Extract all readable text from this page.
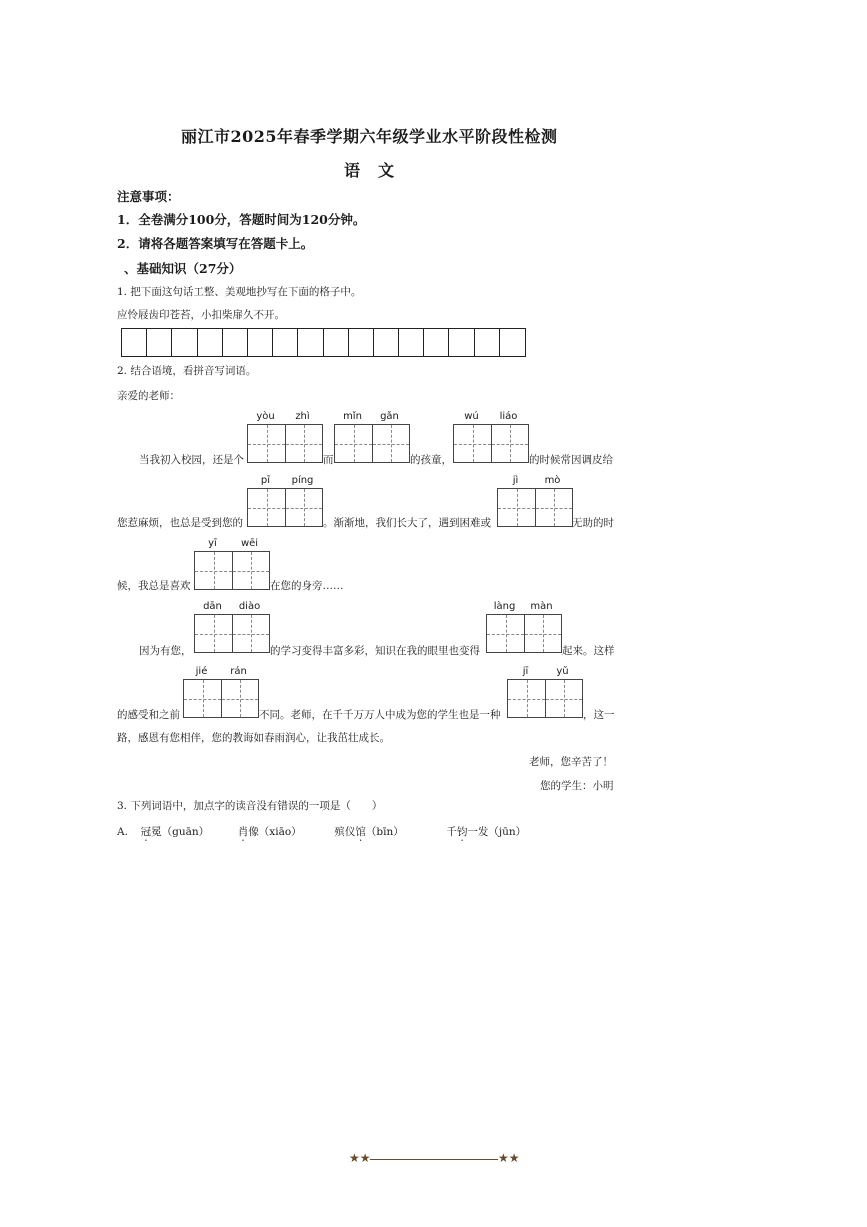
丽江市2025年春季学期六年级学业水平阶段性检测
语文
注意事项：
1．全卷满分100分，答题时间为120分钟。
2．请将各题答案填写在答题卡上。
、基础知识（27分）
1. 把下面这句话工整、美观地抄写在下面的格子中。
应怜屐齿印苍苔，小扣柴扉久不开。
2. 结合语境，看拼音写词语。
亲爱的老师：
yòu	zhì	mǐn	gǎn	wú	liáo
当我初入校园，还是个	而	的孩童，	的时候常因调皮给
pī	píng	jì	mò
您惹麻烦，也总是受到您的	。渐渐地，我们长大了，遇到困难或	无助的时
yī	wēi
候，我总是喜欢	在您的身旁……
dān	diào	làng	màn
因为有您，	的学习变得丰富多彩，知识在我的眼里也变得	起来。这样
jié	rán	jī	yǔ
的感受和之前	不同。老师，在千千万万人中成为您的学生也是一种	，这一
路，感恩有您相伴，您的教诲如春雨润心，让我茁壮成长。
老师，您辛苦了！
您的学生：小明
3. 下列词语中，加点字的读音没有错误的一项是（　　）
A. 冠冕（guān）	肖像（xiāo）	殡仪馆（bīn）	千钧一发（jūn）
★★	★★
